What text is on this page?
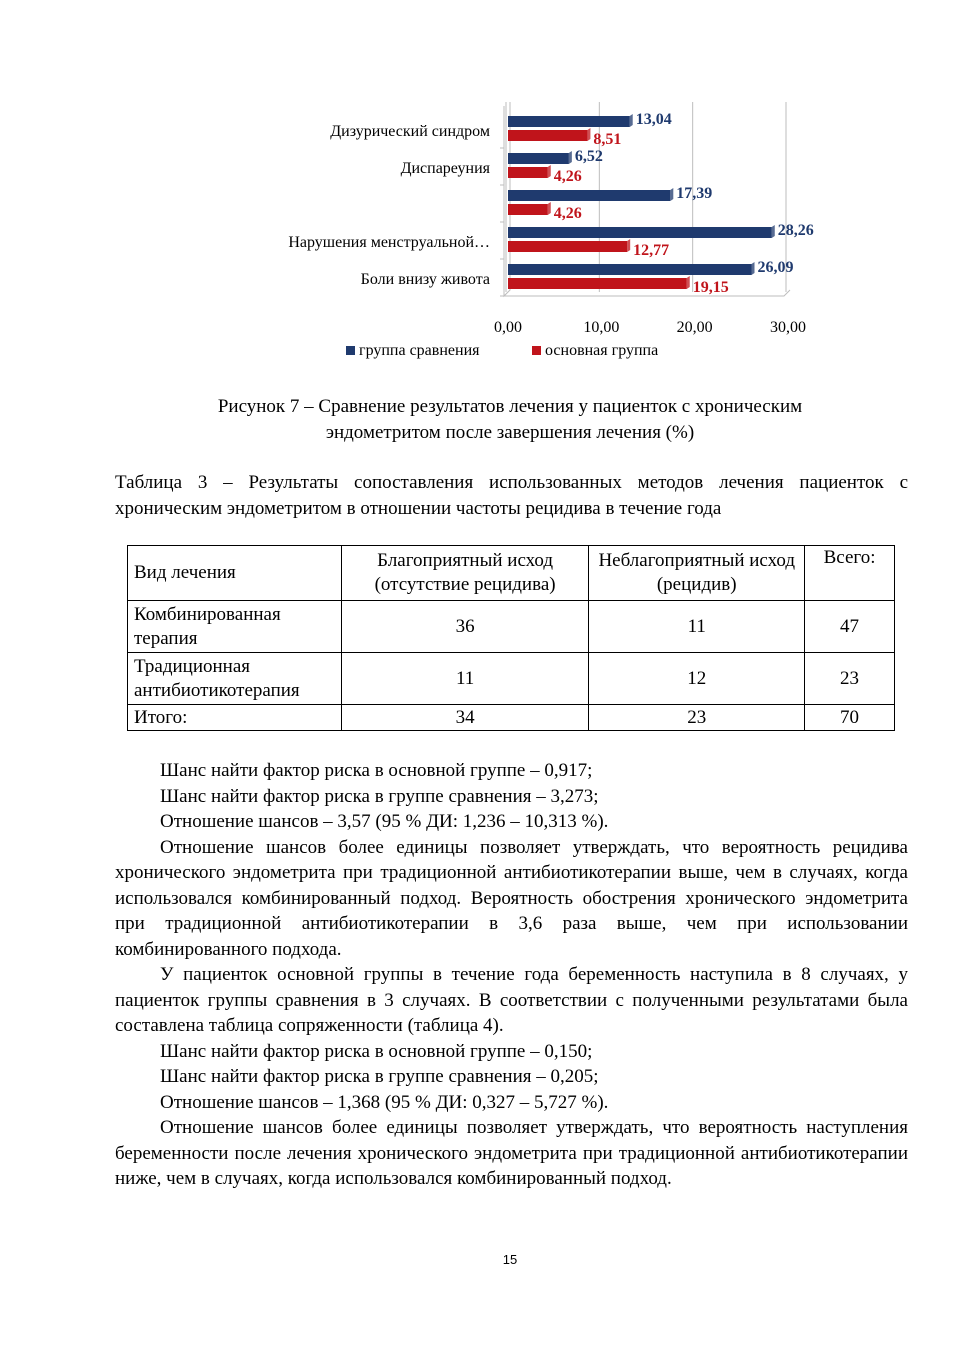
Дизурический синдром
Диспареуния
Нарушения менструальной…
Боли внизу живота
13,04
6,52
17,39
28,26
26,09
8,51
4,26
4,26
12,77
19,15
0,00	10,00	20,00	30,00
группа сравнения	основная группа
Рисунок 7 – Сравнение результатов лечения у пациенток с хроническим
эндометритом после завершения лечения (%)
Таблица 3 – Результаты сопоставления использованных методов лечения пациенток с хроническим эндометритом в отношении частоты рецидива в течение года
Вид лечения	Благоприятный исход (отсутствие рецидива)	Неблагоприятный исход (рецидив)	Всего:
Комбинированная терапия	36	11	47
Традиционная антибиотикотерапия	11	12	23
Итого:	34	23	70

Шанс найти фактор риска в основной группе – 0,917;

Шанс найти фактор риска в группе сравнения – 3,273;

Отношение шансов – 3,57 (95 % ДИ: 1,236 – 10,313 %).

Отношение шансов более единицы позволяет утверждать, что вероятность рецидива хронического эндометрита при традиционной антибиотикотерапии выше, чем в случаях, когда использовался комбинированный подход. Вероятность обострения хронического эндометрита при традиционной антибиотикотерапии в 3,6 раза выше, чем при использовании комбинированного подхода.

У пациенток основной группы в течение года беременность наступила в 8 случаях, у пациенток группы сравнения в 3 случаях. В соответствии с полученными результатами была составлена таблица сопряженности (таблица 4).

Шанс найти фактор риска в основной группе – 0,150;

Шанс найти фактор риска в группе сравнения – 0,205;

Отношение шансов – 1,368 (95 % ДИ: 0,327 – 5,727 %).

Отношение шансов более единицы позволяет утверждать, что вероятность наступления беременности после лечения хронического эндометрита при традиционной антибиотикотерапии ниже, чем в случаях, когда использовался комбинированный подход.

15
